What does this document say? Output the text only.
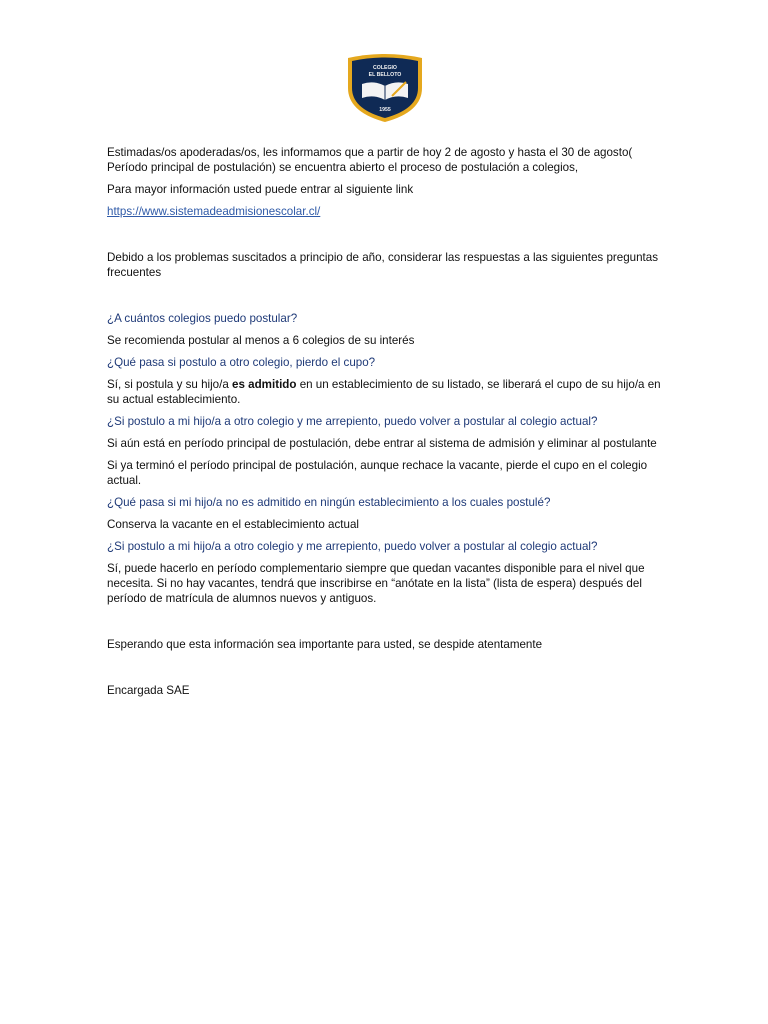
COLEGIO
EL BELLOTO
1955

Estimadas/os apoderadas/os, les informamos que a partir de hoy 2 de agosto y hasta el 30 de agosto( Período principal de postulación) se encuentra abierto el proceso de postulación a colegios,

Para mayor información usted puede entrar al siguiente link

https://www.sistemadeadmisionescolar.cl/

Debido a los problemas suscitados a principio de año, considerar las respuestas a las siguientes preguntas frecuentes

¿A cuántos colegios puedo postular?

Se recomienda postular al menos a 6 colegios de su interés

¿Qué pasa si postulo a otro colegio, pierdo el cupo?

Sí, si postula y su hijo/a es admitido en un establecimiento de su listado, se liberará el cupo de su hijo/a en su actual establecimiento.

¿Si postulo a mi hijo/a a otro colegio y me arrepiento, puedo volver a postular al colegio actual?

Si aún está en período principal de postulación, debe entrar al sistema de admisión y eliminar al postulante

Si ya terminó el período principal de postulación, aunque rechace la vacante, pierde el cupo en el colegio actual.

¿Qué pasa si mi hijo/a no es admitido en ningún establecimiento a los cuales postulé?

Conserva la vacante en el establecimiento actual

¿Si postulo a mi hijo/a a otro colegio y me arrepiento, puedo volver a postular al colegio actual?

Sí, puede hacerlo en período complementario siempre que quedan vacantes disponible para el nivel que necesita. Si no hay vacantes, tendrá que inscribirse en “anótate en la lista” (lista de espera) después del período de matrícula de alumnos nuevos y antiguos.

Esperando que esta información sea importante para usted, se despide atentamente

Encargada SAE
